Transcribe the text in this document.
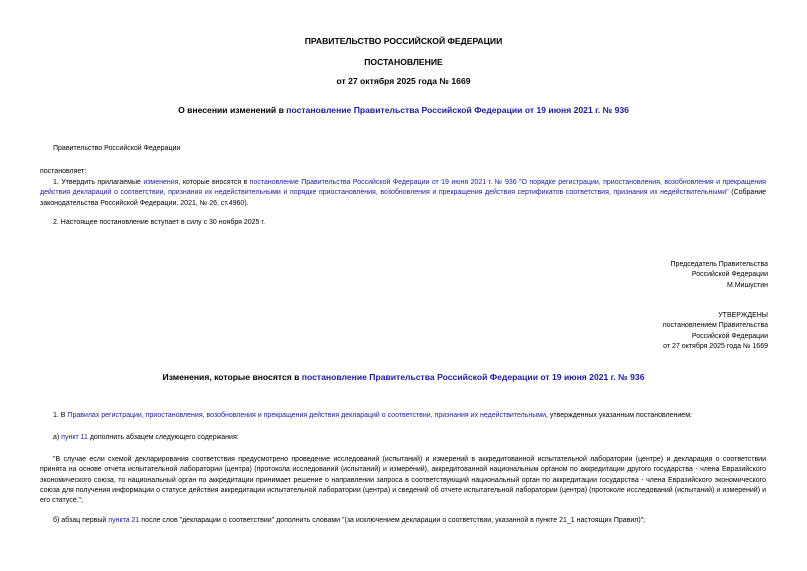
ПРАВИТЕЛЬСТВО РОССИЙСКОЙ ФЕДЕРАЦИИ
ПОСТАНОВЛЕНИЕ
от 27 октября 2025 года № 1669
О внесении изменений в постановление Правительства Российской Федерации от 19 июня 2021 г. № 936
Правительство Российской Федерации
постановляет:
1. Утвердить прилагаемые изменения, которые вносятся в постановление Правительства Российской Федерации от 19 июня 2021 г. № 936 "О порядке регистрации, приостановления, возобновления и прекращения действия деклараций о соответствии, признания их недействительными и порядке приостановления, возобновления и прекращения действия сертификатов соответствия, признания их недействительными" (Собрание законодательства Российской Федерации, 2021, № 26, ст.4960).
2. Настоящее постановление вступает в силу с 30 ноября 2025 г.
Председатель Правительства
Российской Федерации
М.Мишустин
УТВЕРЖДЕНЫ
постановлением Правительства
Российской Федерации
от 27 октября 2025 года № 1669
Изменения, которые вносятся в постановление Правительства Российской Федерации от 19 июня 2021 г. № 936
1. В Правилах регистрации, приостановления, возобновления и прекращения действия деклараций о соответствии, признания их недействительными, утвержденных указанным постановлением:
а) пункт 11 дополнить абзацем следующего содержания:
"В случае если схемой декларирования соответствия предусмотрено проведение исследований (испытаний) и измерений в аккредитованной испытательной лаборатории (центре) и декларация о соответствии принята на основе отчета испытательной лаборатории (центра) (протокола исследований (испытаний) и измерений), аккредитованной национальным органом по аккредитации другого государства - члена Евразийского экономического союза, то национальный орган по аккредитации принимает решение о направлении запроса в соответствующий национальный орган по аккредитации государства - члена Евразийского экономического союза для получения информации о статусе действия аккредитации испытательной лаборатории (центра) и сведений об отчете испытательной лаборатории (центра) (протоколе исследований (испытаний) и измерений) и его статусе.";
б) абзац первый пункта 21 после слов "декларации о соответствии" дополнить словами "(за исключением декларации о соответствии, указанной в пункте 21_1 настоящих Правил)";
